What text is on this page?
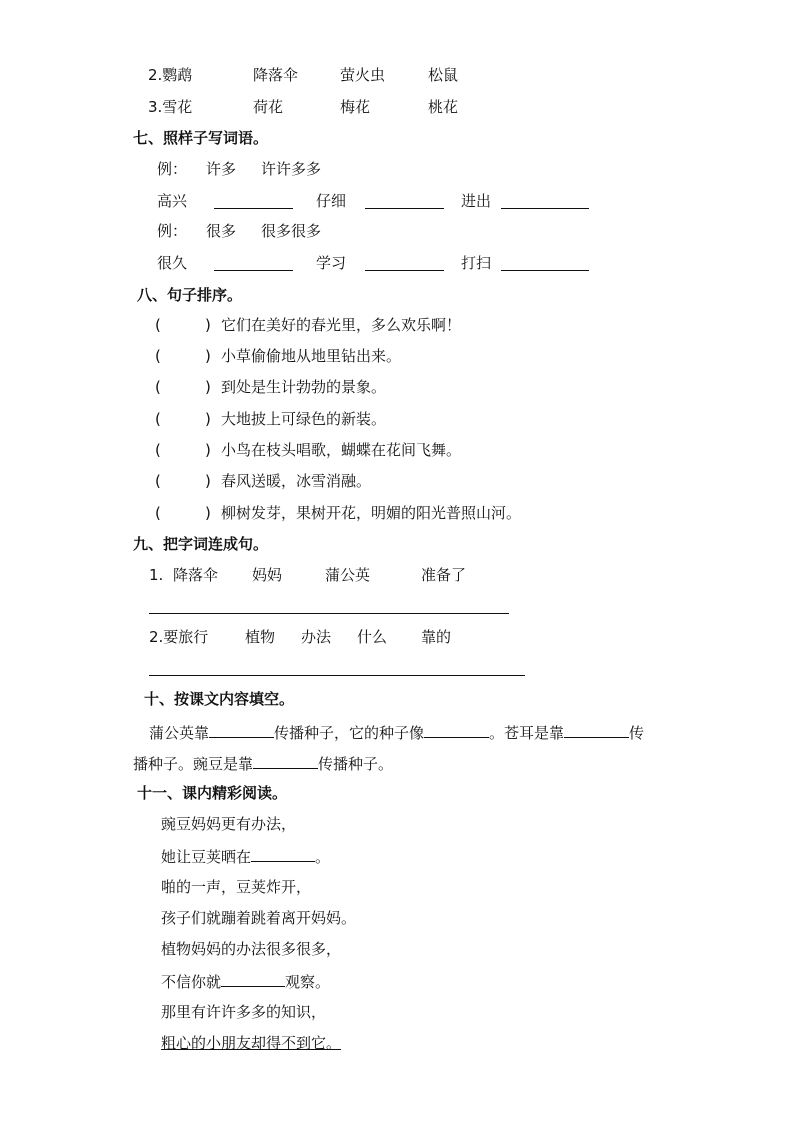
2.鹦鹉	降落伞	萤火虫	松鼠
3.雪花	荷花	梅花	桃花
七、照样子写词语。
例： 许多 许许多多
高兴	仔细	进出
例： 很多 很多很多
很久	学习	打扫
八、句子排序。
(	) 它们在美好的春光里，多么欢乐啊！
(	) 小草偷偷地从地里钻出来。
(	) 到处是生计勃勃的景象。
(	) 大地披上可绿色的新装。
(	) 小鸟在枝头唱歌，蝴蝶在花间飞舞。
(	) 春风送暖，冰雪消融。
(	) 柳树发芽，果树开花，明媚的阳光普照山河。
九、把字词连成句。
1. 降落伞 妈妈	蒲公英	准备了
2.要旅行 植物 办法 什么 靠的
十、按课文内容填空。
蒲公英靠	传播种子，它的种子像	。苍耳是靠	传
播种子。豌豆是靠	传播种子。
十一、课内精彩阅读。
豌豆妈妈更有办法，
她让豆荚晒在	。
啪的一声，豆荚炸开，
孩子们就蹦着跳着离开妈妈。
植物妈妈的办法很多很多，
不信你就	观察。
那里有许许多多的知识，
粗心的小朋友却得不到它。
